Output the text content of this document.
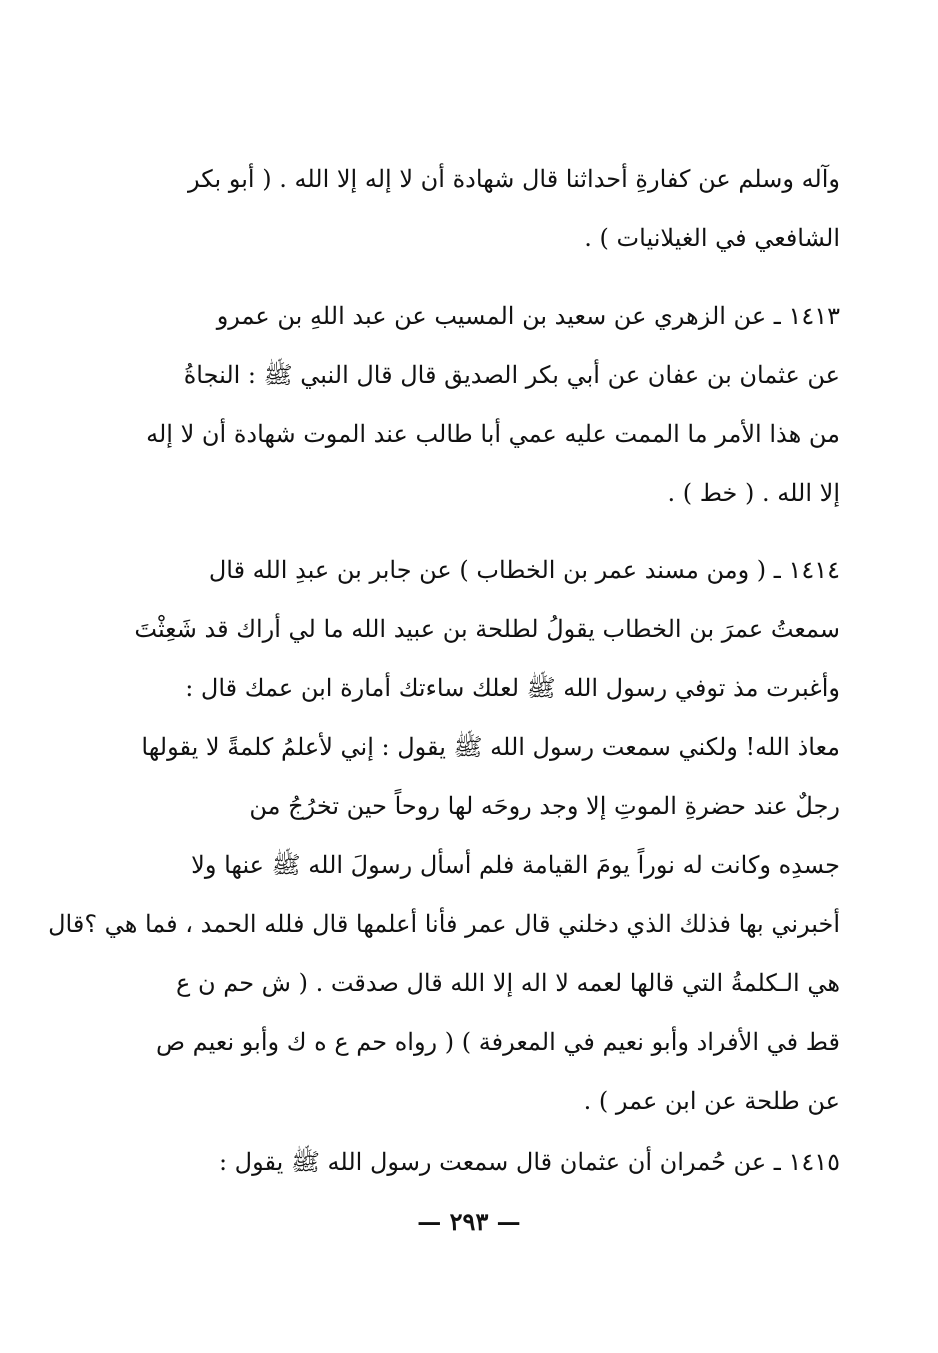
وآله وسلم عن كفارةِ أحداثنا قال شهادة أن لا إله إلا الله . ( أبو بكر
الشافعي في الغيلانيات ) .
١٤١٣ ـ عن الزهري عن سعيد بن المسيب عن عبد اللهِ بن عمرو
عن عثمان بن عفان عن أبي بكر الصديق قال قال النبي ﷺ : النجاةُ
من هذا الأمر ما الممت عليه عمي أبا طالب عند الموت شهادة أن لا إله
إلا الله . ( خط ) .
١٤١٤ ـ ( ومن مسند عمر بن الخطاب ) عن جابر بن عبدِ الله قال
سمعتُ عمرَ بن الخطاب يقولُ لطلحة بن عبيد الله ما لي أراك قد شَعِثْتَ
وأغبرت مذ توفي رسول الله ﷺ لعلك ساءتك أمارة ابن عمك قال :
معاذ الله! ولكني سمعت رسول الله ﷺ يقول : إني لأعلمُ كلمةً لا يقولها
رجلٌ عند حضرةِ الموتِ إلا وجد روحَه لها روحاً حين تخرُجُ من
جسدِه وكانت له نوراً يومَ القيامة فلم أسأل رسولَ الله ﷺ عنها ولا
أخبرني بها فذلك الذي دخلني قال عمر فأنا أعلمها قال فلله الحمد ، فما هي ؟قال
هي الـكلمةُ التي قالها لعمه لا اله إلا الله قال صدقت . ( ش حم ن ع
قط في الأفراد وأبو نعيم في المعرفة ) ( رواه حم ع ه ك وأبو نعيم ص
عن طلحة عن ابن عمر ) .
١٤١٥ ـ عن حُمران أن عثمان قال سمعت رسول الله ﷺ يقول :
— ٢٩٣ —
